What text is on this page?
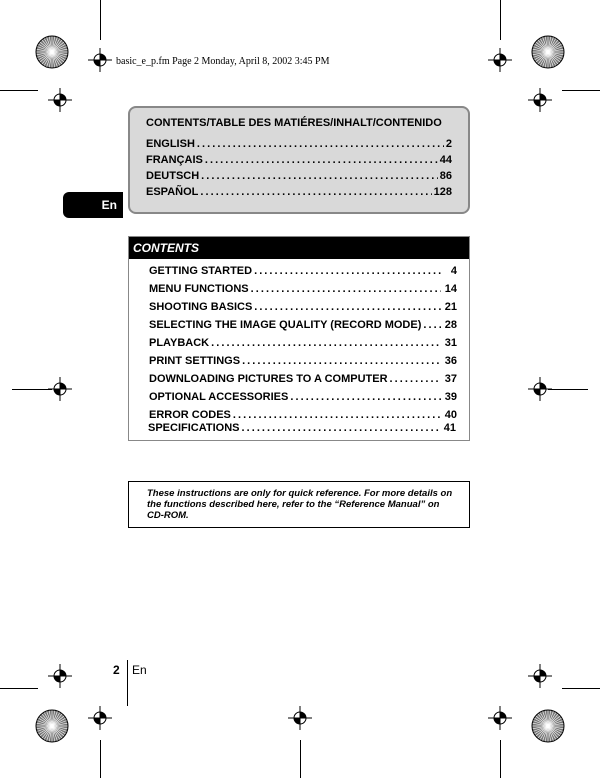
basic_e_p.fm Page 2 Monday, April 8, 2002 3:45 PM
CONTENTS/TABLE DES MATIÉRES/INHALT/CONTENIDO
ENGLISH . . .	2
FRANÇAIS . . .	44
DEUTSCH . . .	86
ESPAÑOL . . .	128
En
CONTENTS
GETTING STARTED . . .	4
MENU FUNCTIONS . . .	14
SHOOTING BASICS . . .	21
SELECTING THE IMAGE QUALITY (RECORD MODE) . . . 28
PLAYBACK . . .	31
PRINT SETTINGS . . .	36
DOWNLOADING PICTURES TO A COMPUTER . . .	37
OPTIONAL ACCESSORIES . . .	39
ERROR CODES . . .	40
SPECIFICATIONS . . .	41
These instructions are only for quick reference. For more details on the functions described here, refer to the “Reference Manual” on CD-ROM.
2 En
